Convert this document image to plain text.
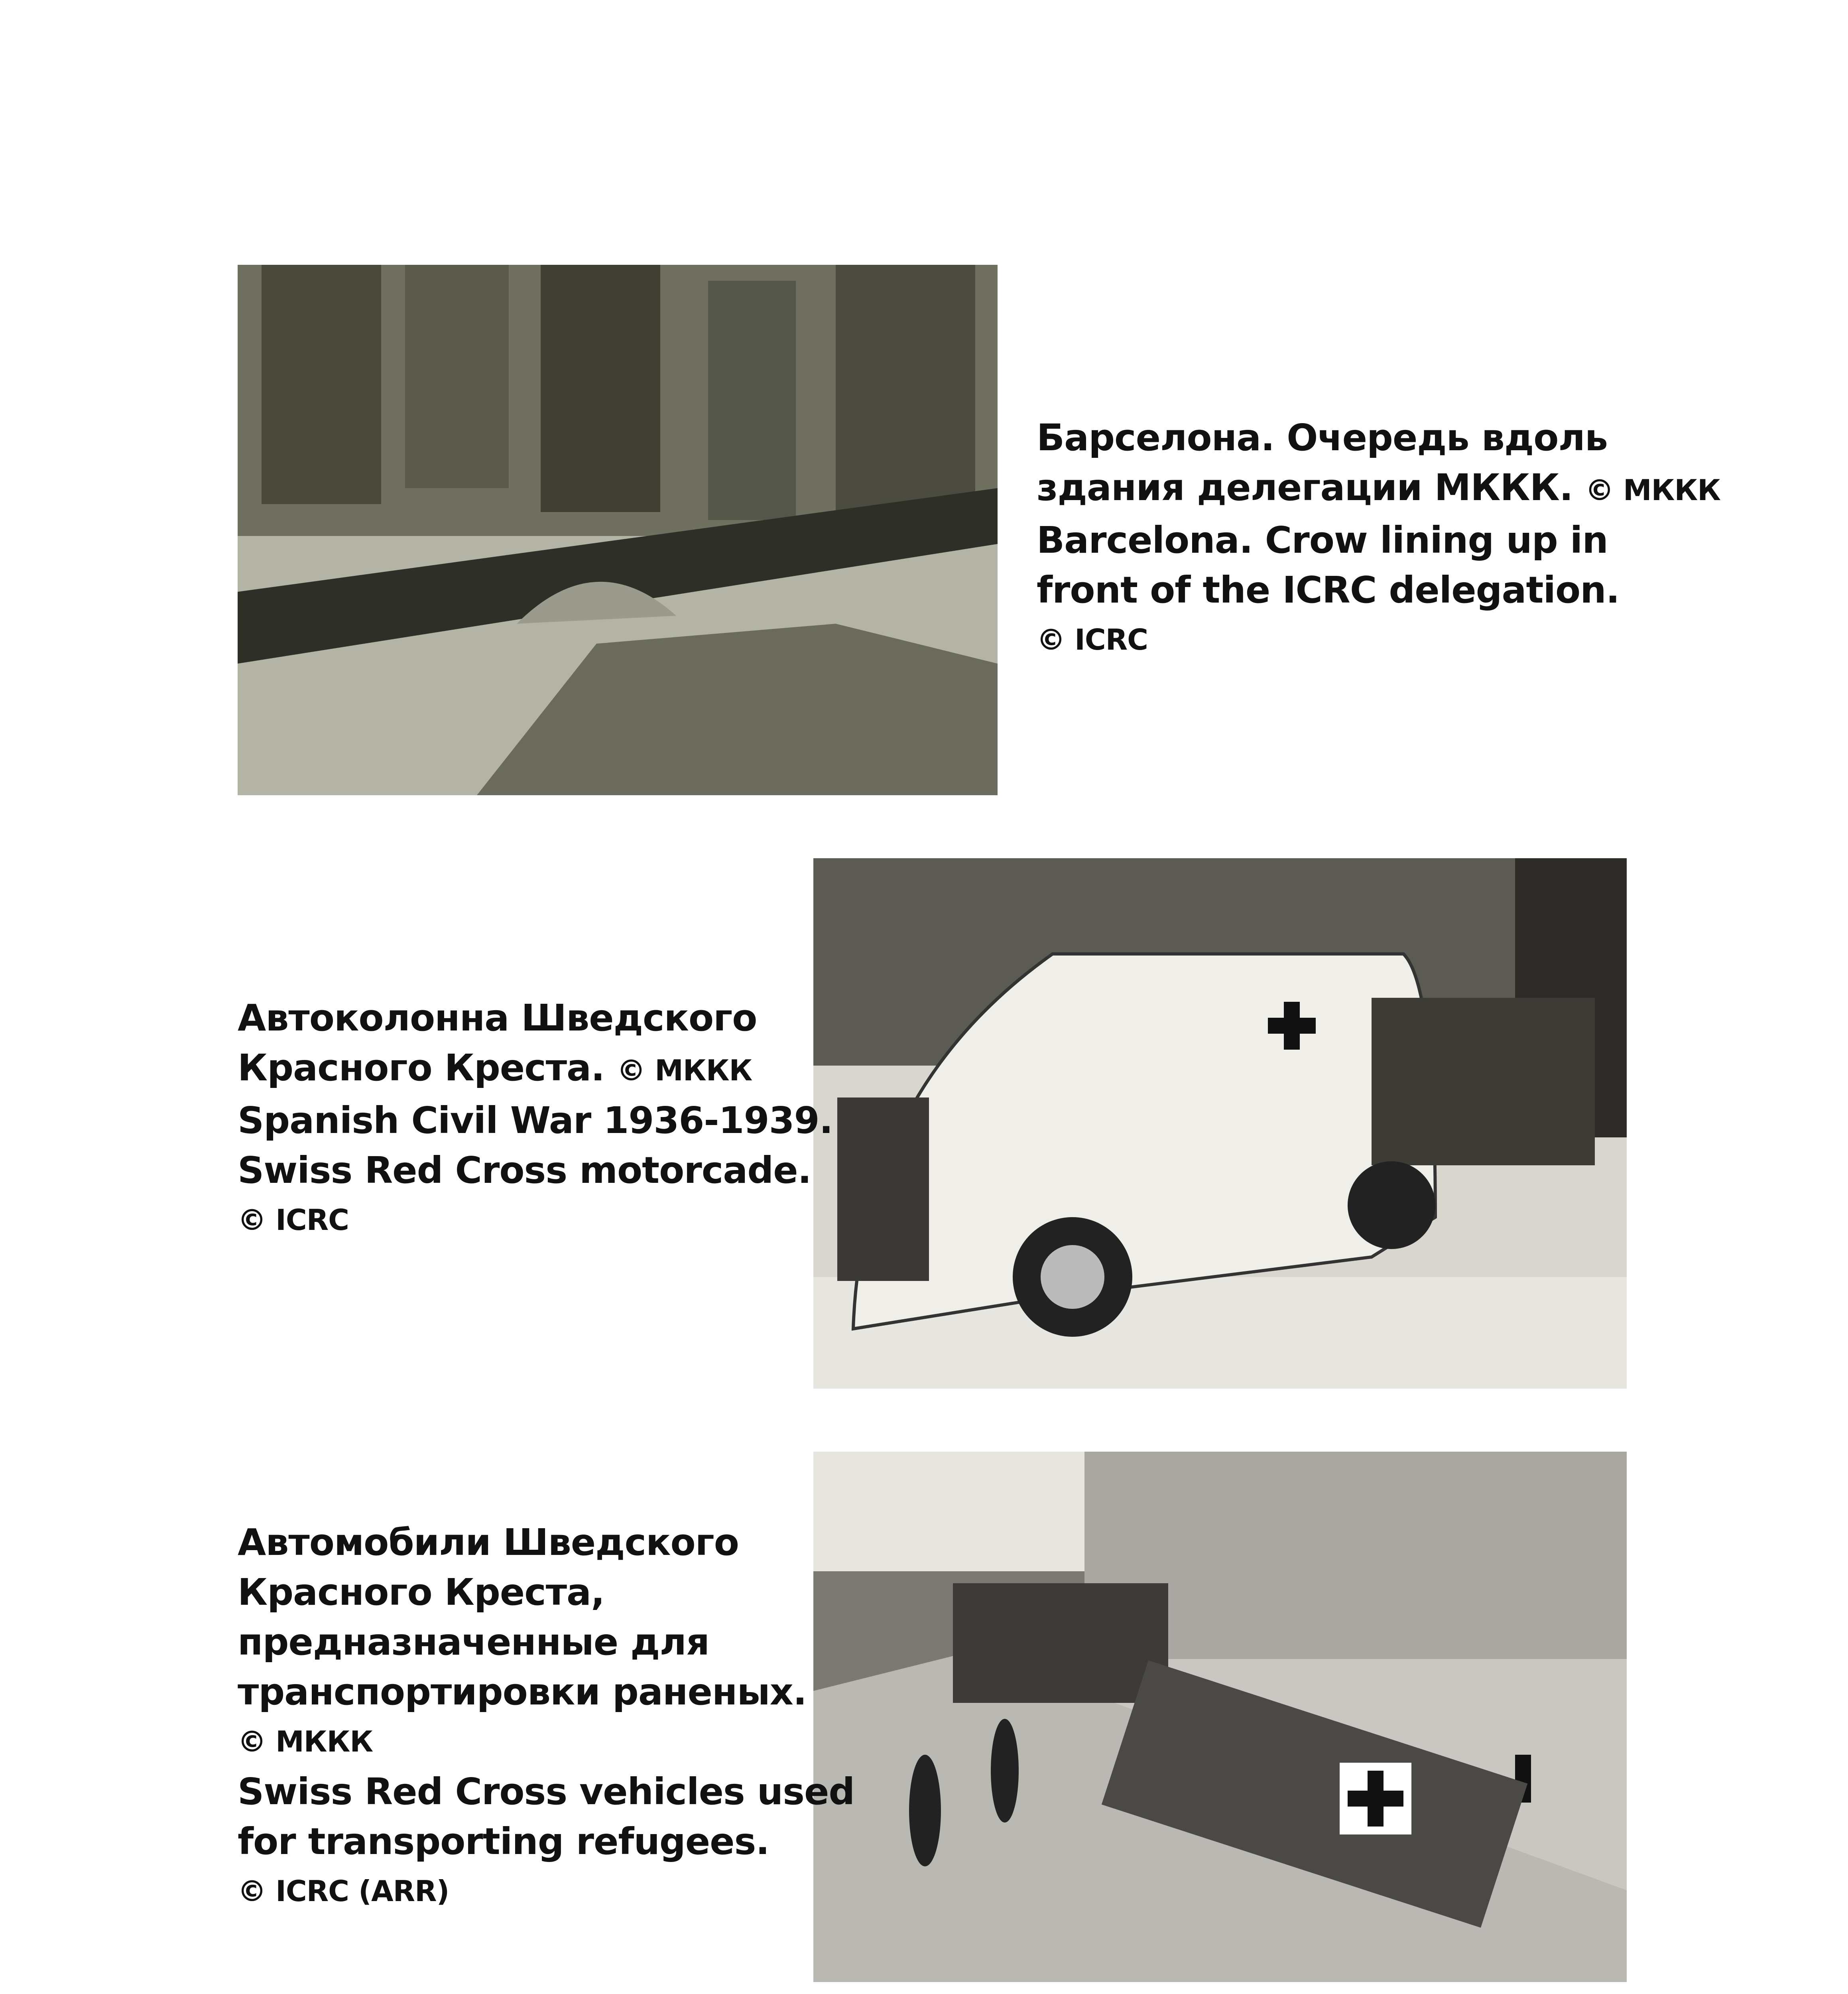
Барселона. Очередь вдоль
здания делегации МККК. © МККК
Barcelona. Crow lining up in
front of the ICRC delegation.
© ICRC
Автоколонна Шведского
Красного Креста. © МККК
Spanish Civil War 1936-1939.
Swiss Red Cross motorcade.
© ICRC
Автомобили Шведского
Красного Креста,
предназначенные для
транспортировки раненых.
© МККК
Swiss Red Cross vehicles used
for transporting refugees.
© ICRC (ARR)
